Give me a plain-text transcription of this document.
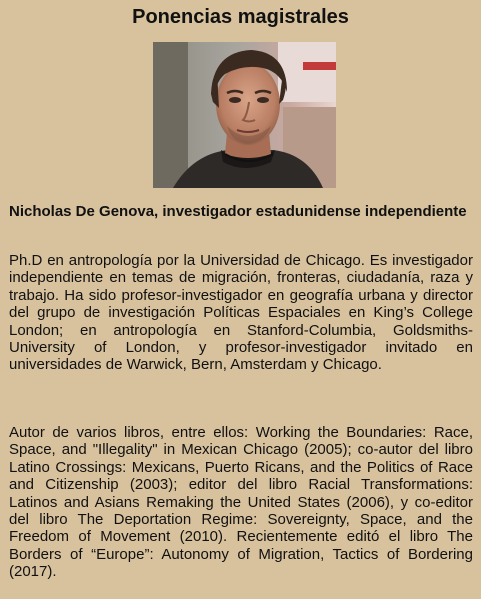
Ponencias magistrales
Nicholas De Genova, investigador estadunidense independiente

Ph.D en antropología por la Universidad de Chicago. Es investigador independiente en temas de migración, fronteras, ciudadanía, raza y trabajo. Ha sido profesor-investigador en geografía urbana y director del grupo de investigación Políticas Espaciales en King’s College London; en antropología en Stanford-Columbia, Goldsmiths-University of London, y profesor-investigador invitado en universidades de Warwick, Bern, Amsterdam y Chicago.

Autor de varios libros, entre ellos: Working the Boundaries: Race, Space, and "Illegality" in Mexican Chicago (2005); co-autor del libro Latino Crossings: Mexicans, Puerto Ricans, and the Politics of Race and Citizenship (2003); editor del libro Racial Transformations: Latinos and Asians Remaking the United States (2006), y co-editor del libro The Deportation Regime: Sovereignty, Space, and the Freedom of Movement (2010). Recientemente editó el libro The Borders of “Europe”: Autonomy of Migration, Tactics of Bordering (2017).
